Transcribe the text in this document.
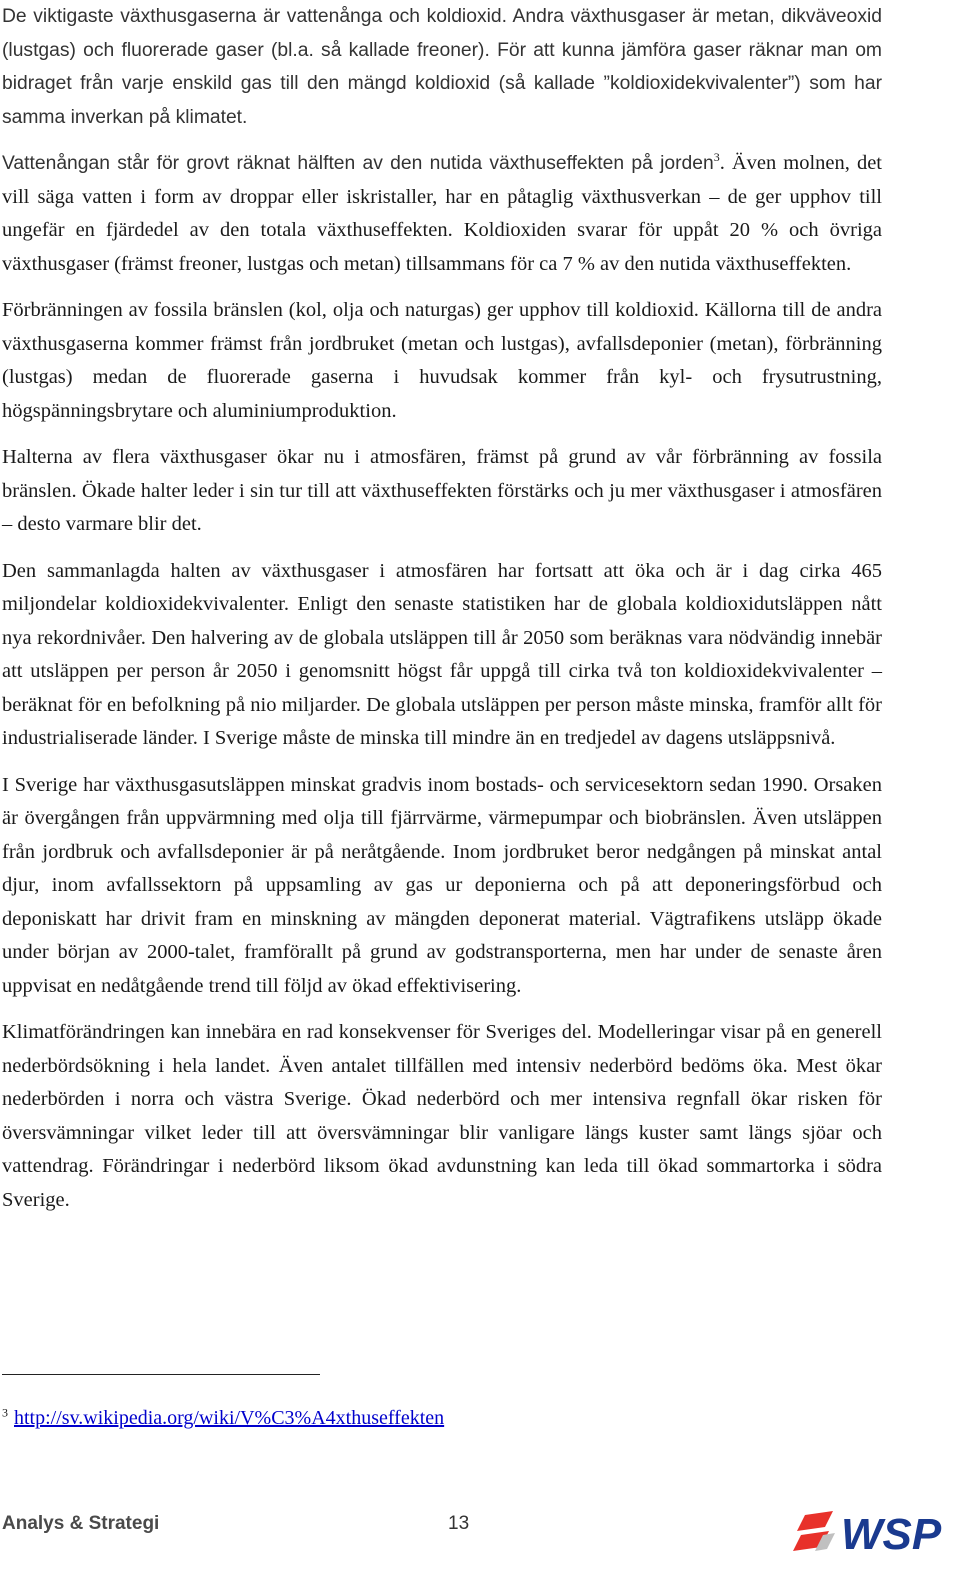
De viktigaste växthusgaserna är vattenånga och koldioxid. Andra växthusgaser är metan, dikväveoxid (lustgas) och fluorerade gaser (bl.a. så kallade freoner). För att kunna jämföra gaser räknar man om bidraget från varje enskild gas till den mängd koldioxid (så kallade ”koldioxidekvivalenter”) som har samma inverkan på klimatet.

Vattenångan står för grovt räknat hälften av den nutida växthuseffekten på jorden$^3$. Även molnen, det vill säga vatten i form av droppar eller iskristaller, har en påtaglig växthusverkan – de ger upphov till ungefär en fjärdedel av den totala växthuseffekten. Koldioxiden svarar för uppåt 20 % och övriga växthusgaser (främst freoner, lustgas och metan) tillsammans för ca 7 % av den nutida växthuseffekten.

Förbränningen av fossila bränslen (kol, olja och naturgas) ger upphov till koldioxid. Källorna till de andra växthusgaserna kommer främst från jordbruket (metan och lustgas), avfallsdeponier (metan), förbränning (lustgas) medan de fluorerade gaserna i huvudsak kommer från kyl- och frysutrustning, högspänningsbrytare och aluminiumproduktion.

Halterna av flera växthusgaser ökar nu i atmosfären, främst på grund av vår förbränning av fossila bränslen. Ökade halter leder i sin tur till att växthuseffekten förstärks och ju mer växthusgaser i atmosfären – desto varmare blir det.

Den sammanlagda halten av växthusgaser i atmosfären har fortsatt att öka och är i dag cirka 465 miljondelar koldioxidekvivalenter. Enligt den senaste statistiken har de globala koldioxidutsläppen nått nya rekordnivåer. Den halvering av de globala utsläppen till år 2050 som beräknas vara nödvändig innebär att utsläppen per person år 2050 i genomsnitt högst får uppgå till cirka två ton koldioxidekvivalenter – beräknat för en befolkning på nio miljarder. De globala utsläppen per person måste minska, framför allt för industrialiserade länder. I Sverige måste de minska till mindre än en tredjedel av dagens utsläppsnivå.

I Sverige har växthusgasutsläppen minskat gradvis inom bostads- och servicesektorn sedan 1990. Orsaken är övergången från uppvärmning med olja till fjärrvärme, värmepumpar och biobränslen. Även utsläppen från jordbruk och avfallsdeponier är på neråtgående. Inom jordbruket beror nedgången på minskat antal djur, inom avfallssektorn på uppsamling av gas ur deponierna och på att deponeringsförbud och deponiskatt har drivit fram en minskning av mängden deponerat material. Vägtrafikens utsläpp ökade under början av 2000-talet, framförallt på grund av godstransporterna, men har under de senaste åren uppvisat en nedåtgående trend till följd av ökad effektivisering.

Klimatförändringen kan innebära en rad konsekvenser för Sveriges del. Modelleringar visar på en generell nederbördsökning i hela landet. Även antalet tillfällen med intensiv nederbörd bedöms öka. Mest ökar nederbörden i norra och västra Sverige. Ökad nederbörd och mer intensiva regnfall ökar risken för översvämningar vilket leder till att översvämningar blir vanligare längs kuster samt längs sjöar och vattendrag. Förändringar i nederbörd liksom ökad avdunstning kan leda till ökad sommartorka i södra Sverige.

$^3$ http://sv.wikipedia.org/wiki/V%C3%A4xthuseffekten
Analys & Strategi	13	WSP
